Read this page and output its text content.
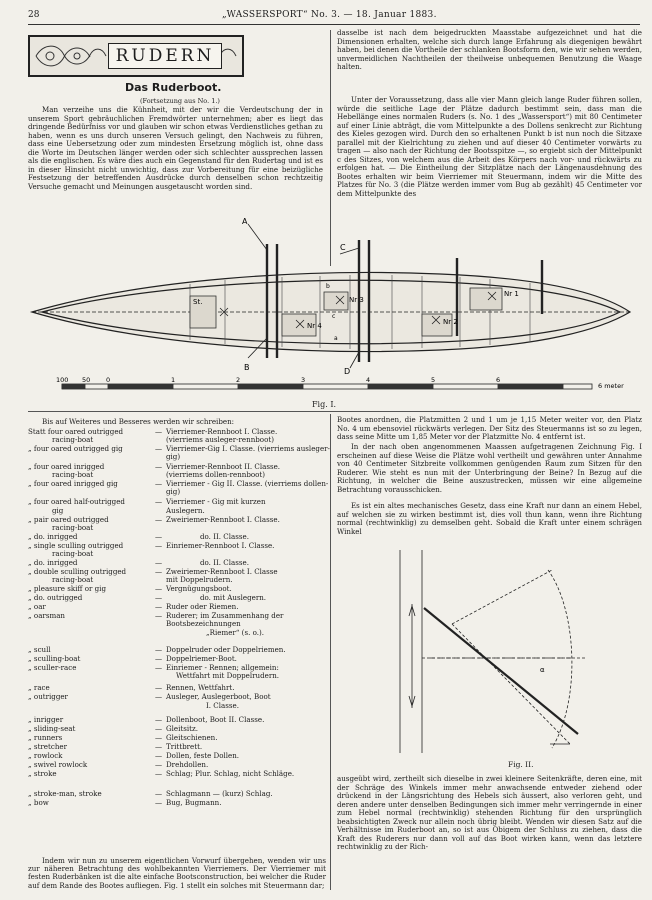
28	„WASSERSPORT“ No. 3. — 18. Januar 1883.
RUDERN
Das Ruderboot.
(Fortsetzung aus No. 1.)
Man verzeihe uns die Kühnheit, mit der wir die Verdeutschung der in unserem Sport gebräuchlichen Fremdwörter unternehmen; aber es liegt das dringende Bedürfniss vor und glauben wir schon etwas Verdienstliches gethan zu haben, wenn es uns durch unseren Versuch gelingt, den Nachweis zu führen, dass eine Uebersetzung oder zum mindesten Ersetzung möglich ist, ohne dass die Worte im Deutschen länger werden oder sich schlechter aussprechen lassen als die englischen. Es wäre dies auch ein Gegenstand für den Rudertag und ist es in dieser Hinsicht nicht unwichtig, dass zur Vorbereitung für eine beizügliche Festsetzung der betreffenden Ausdrücke durch denselben schon rechtzeitig Versuche gemacht und Meinungen ausgetauscht worden sind.
dasselbe ist nach dem beigedruckten Maasstabe aufgezeichnet und hat die Dimensionen erhalten, welche sich durch lange Erfahrung als diegenigen bewährt haben, bei denen die Vortheile der schlanken Bootsform den, wie wir sehen werden, unvermeidlichen Nachtheilen der theilweise unbequemen Benutzung die Waage halten.
Unter der Voraussetzung, dass alle vier Mann gleich lange Ruder führen sollen, würde die seitliche Lage der Plätze dadurch bestimmt sein, dass man die Hebellänge eines normalen Ruders (s. No. 1 des „Wassersport“) mit 80 Centimeter auf einer Linie abträgt, die vom Mittelpunkte a des Dollens senkrecht zur Richtung des Kieles gezogen wird. Durch den so erhaltenen Punkt b ist nun noch die Sitzaxe parallel mit der Kielrichtung zu ziehen und auf dieser 40 Centimeter vorwärts zu tragen — also nach der Richtung der Bootsspitze —, so ergiebt sich der Mittelpunkt c des Sitzes, von welchem aus die Arbeit des Körpers nach vor- und rückwärts zu erfolgen hat. — Die Eintheilung der Sitzplätze nach der Längenausdehnung des Bootes erhalten wir beim Vierriemer mit Steuermann, indem wir die Mitte des Platzes für No. 3 (die Plätze werden immer vom Bug ab gezählt) 45 Centimeter vor dem Mittelpunkte des
A
B
C
D
St.
Nr 4
Nr 3
Nr 2
Nr 1
a
b
c
100 50 0	1	2	3	4	5	6
6 meter
Fig. I.
Bis auf Weiteres und Besseres werden wir schreiben:
Statt four oared outrigged	— Vierriemer-Rennboot I. Classe.
racing-boat	(vierriems ausleger-rennboot)
„ four oared outrigged gig	— Vierriemer-Gig I. Classe. (vierriems ausleger-gig)
„ four oared inrigged	— Vierriemer-Rennboot II. Classe.
racing-boat	(vierriems dollen-rennboot)
„ four oared inrigged gig	— Vierriemer - Gig II. Classe. (vierriems dollen-gig)
„ four oared half-outrigged	— Vierriemer - Gig mit kurzen
gig	Auslegern.
„ pair oared outrigged	— Zweiriemer-Rennboot I. Classe.
racing-boat
„ do. inrigged	—	do. II. Classe.
„ single sculling outrigged	— Einriemer-Rennboot I. Classe.
racing-boat
„ do. inrigged	—	do. II. Classe.
„ double sculling outrigged	— Zweiriemer-Rennboot I. Classe
racing-boat	mit Doppelrudern.
„ pleasure skiff or gig	— Vergnügungsboot.
„ do. outrigged	—	do. mit Auslegern.
„ oar	— Ruder oder Riemen.
„ oarsman	— Ruderer; im Zusammenhang der Bootsbezeichnungen
„Riemer“ (s. o.).
„ scull	— Doppelruder oder Doppelriemen.
„ sculling-boat	— Doppelriemer-Boot.
„ sculler-race	— Einriemer - Rennen; allgemein:
Wettfahrt mit Doppelrudern.
„ race	— Rennen, Wettfahrt.
„ outrigger	— Ausleger, Auslegerboot, Boot
I. Classe.
„ inrigger	— Dollenboot, Boot II. Classe.
„ sliding-seat	— Gleitsitz.
„ runners	— Gleitschienen.
„ stretcher	— Trittbrett.
„ rowlock	— Dollen, feste Dollen.
„ swivel rowlock	— Drehdollen.
„ stroke	— Schlag; Plur. Schlag, nicht Schläge.
„ stroke-man, stroke	— Schlagmann — (kurz) Schlag.
„ bow	— Bug, Bugmann.
Indem wir nun zu unserem eigentlichen Vorwurf übergehen, wenden wir uns zur näheren Betrachtung des wohlbekannten Vierriemers. Der Vierriemer mit festen Ruderbänken ist die alte einfache Bootsconstruction, bei welcher die Ruder auf dem Rande des Bootes aufliegen. Fig. 1 stellt ein solches mit Steuermann dar;
Bootes anordnen, die Platzmitten 2 und 1 um je 1,15 Meter weiter vor, den Platz No. 4 um ebensoviel rückwärts verlegen. Der Sitz des Steuermanns ist so zu legen, dass seine Mitte um 1,85 Meter vor der Platzmitte No. 4 entfernt ist.
In der nach oben angenommenen Maassen aufgetragenen Zeichnung Fig. I erscheinen auf diese Weise die Plätze wohl vertheilt und gewähren unter Annahme von 40 Centimeter Sitzbreite vollkommen genügenden Raum zum Sitzen für den Ruderer. Wie steht es nun mit der Unterbringung der Beine? In Bezug auf die Richtung, in welcher die Beine auszustrecken, müssen wir eine allgemeine Betrachtung vorausschicken.
Es ist ein altes mechanisches Gesetz, dass eine Kraft nur dann an einem Hebel, auf welchen sie zu wirken bestimmt ist, dies voll thun kann, wenn ihre Richtung normal (rechtwinklig) zu demselben geht. Sobald die Kraft unter einem schrägen Winkel
α
Fig. II.
ausgeübt wird, zertheilt sich dieselbe in zwei kleinere Seitenkräfte, deren eine, mit der Schräge des Winkels immer mehr anwachsende entweder ziehend oder drückend in der Längsrichtung des Hebels sich äussert, also verloren geht, und deren andere unter denselben Bedingungen sich immer mehr verringernde in einer zum Hebel normal (rechtwinklig) stehenden Richtung für den ursprünglich beabsichtigten Zweck nur allein noch übrig bleibt. Wenden wir diesen Satz auf die Verhältnisse im Ruderboot an, so ist aus Obigem der Schluss zu ziehen, dass die Kraft des Ruderers nur dann voll auf das Boot wirken kann, wenn das letztere rechtwinklig zu der Rich-
